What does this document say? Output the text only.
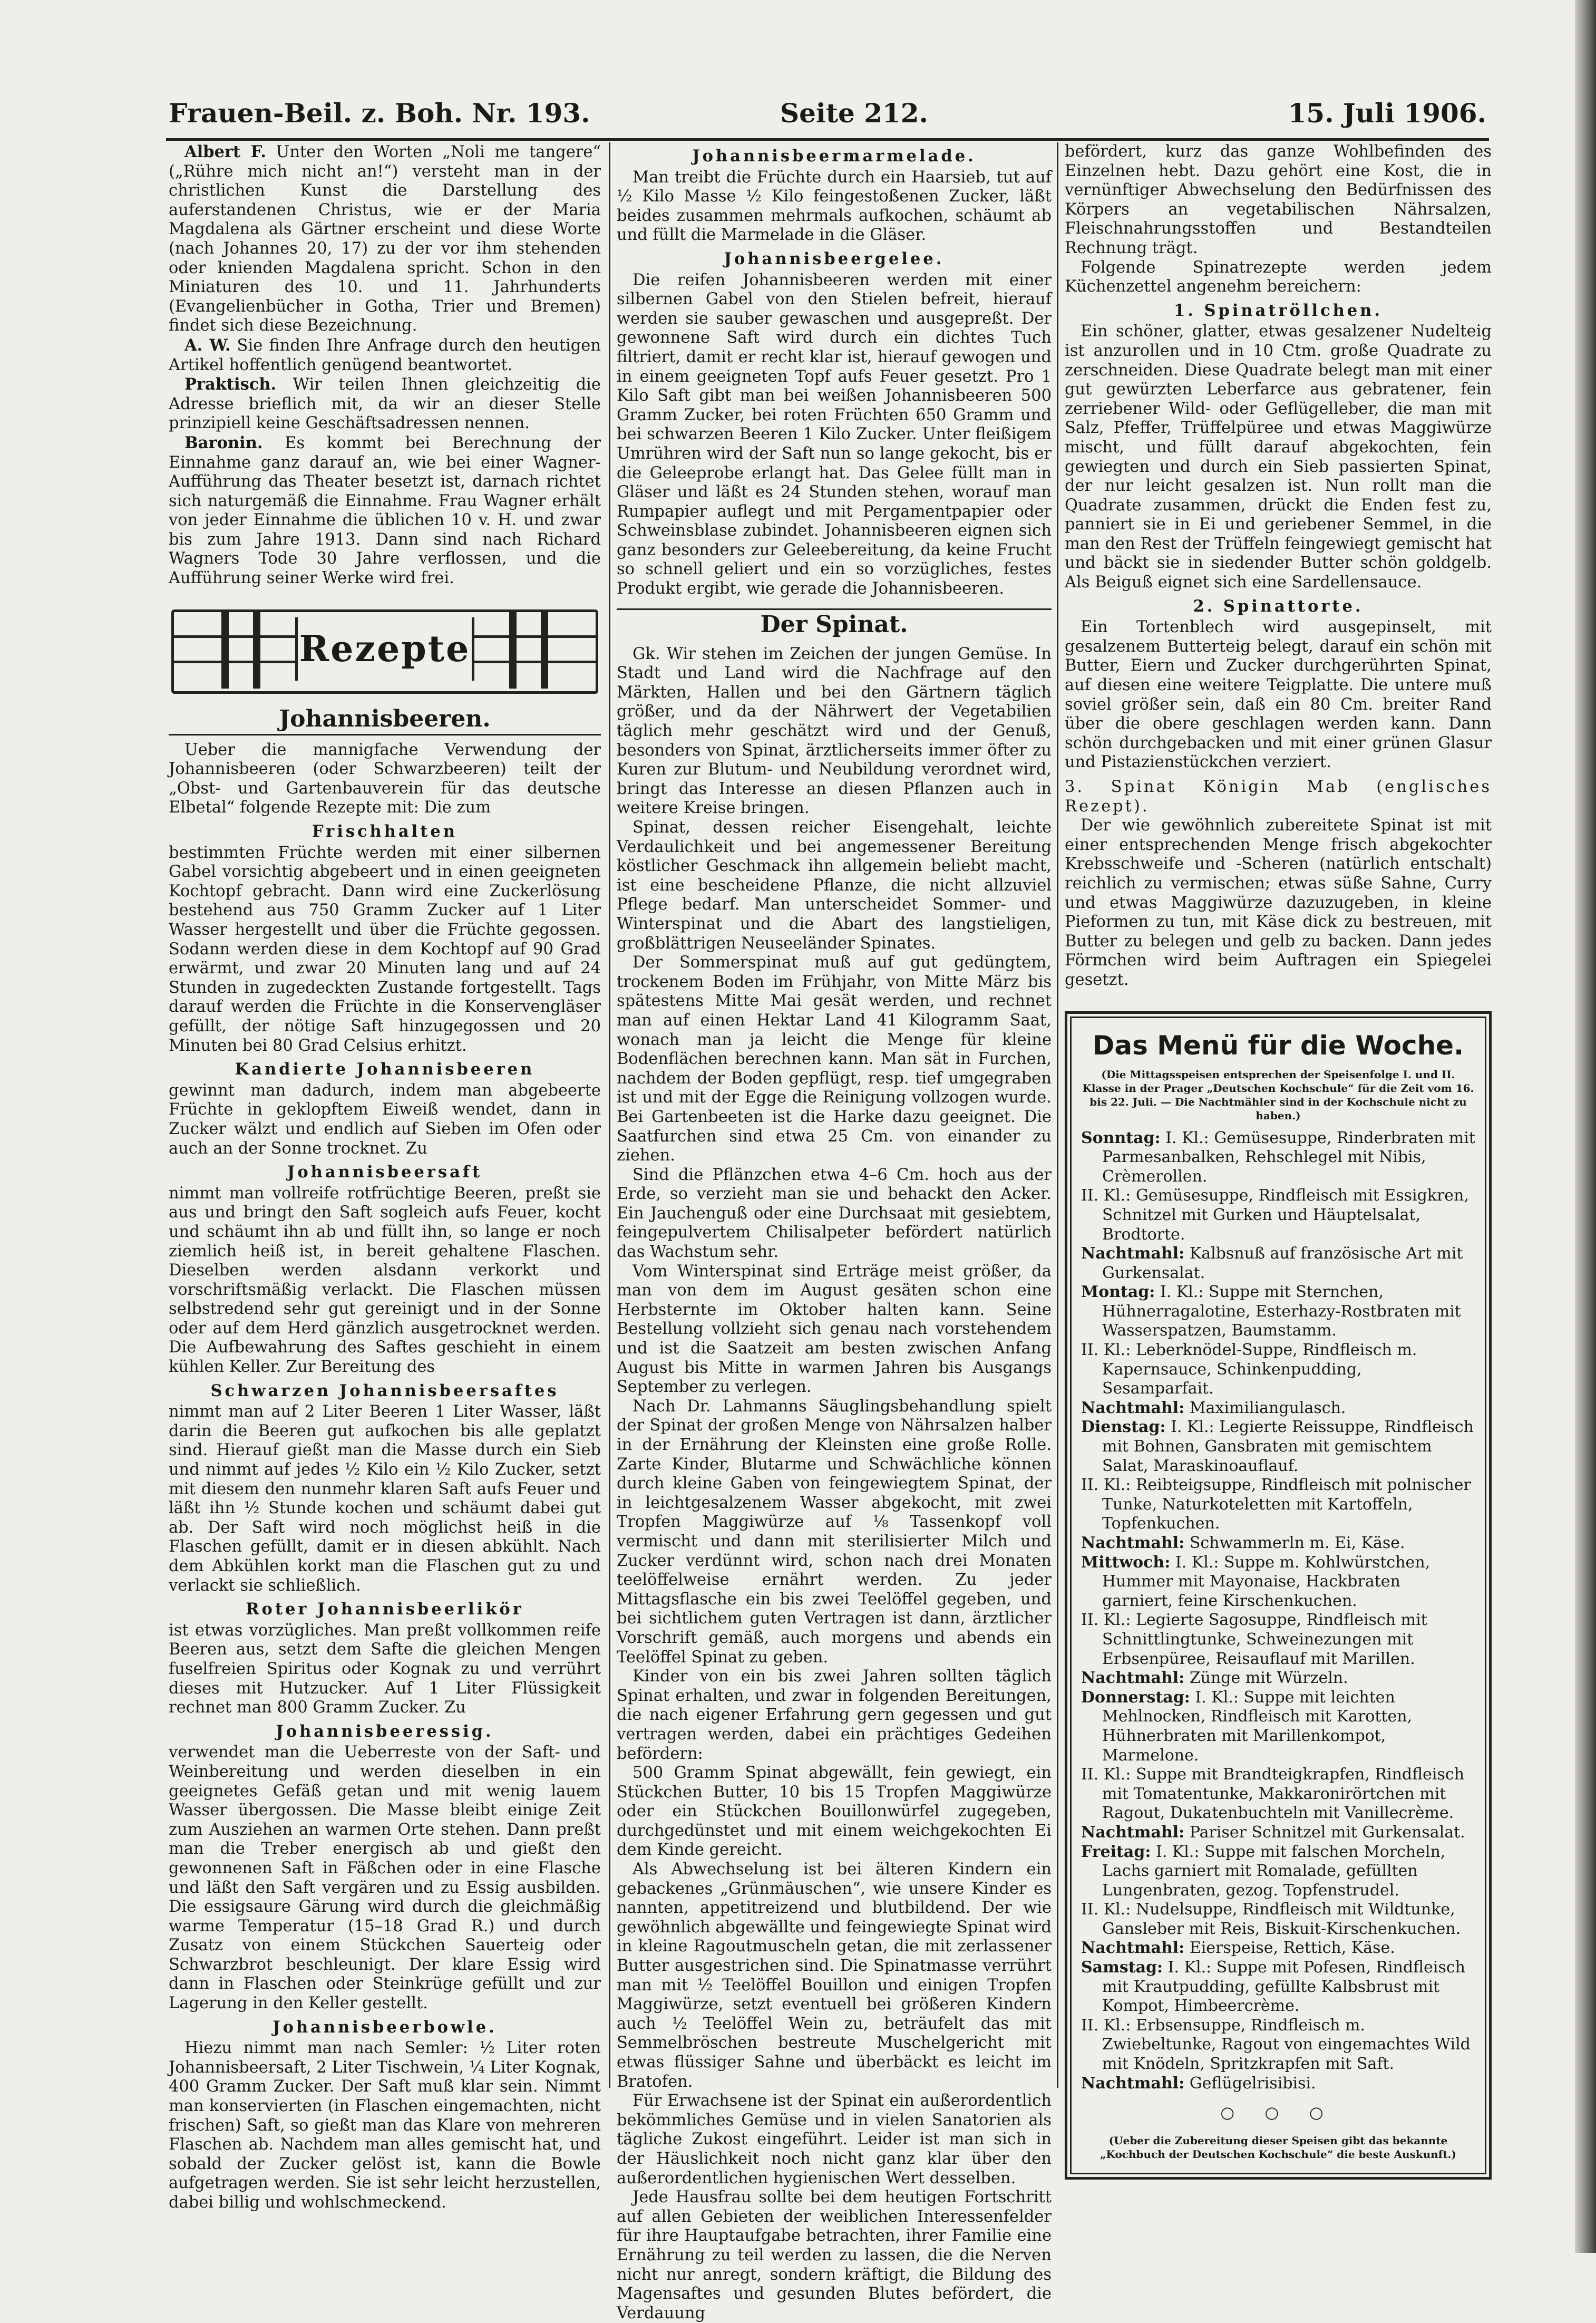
Frauen-Beil. z. Boh. Nr. 193.	Seite 212.	15. Juli 1906.

Albert F. Unter den Worten „Noli me tangere“ („Rühre mich nicht an!“) versteht man in der christlichen Kunst die Darstellung des auferstandenen Christus, wie er der Maria Magdalena als Gärtner erscheint und diese Worte (nach Johannes 20, 17) zu der vor ihm stehenden oder knienden Magdalena spricht. Schon in den Miniaturen des 10. und 11. Jahrhunderts (Evangelienbücher in Gotha, Trier und Bremen) findet sich diese Bezeichnung.

A. W. Sie finden Ihre Anfrage durch den heutigen Artikel hoffentlich genügend beantwortet.

Praktisch. Wir teilen Ihnen gleichzeitig die Adresse brieflich mit, da wir an dieser Stelle prinzipiell keine Geschäftsadressen nennen.

Baronin. Es kommt bei Berechnung der Einnahme ganz darauf an, wie bei einer Wagner-Aufführung das Theater besetzt ist, darnach richtet sich naturgemäß die Einnahme. Frau Wagner erhält von jeder Einnahme die üblichen 10 v. H. und zwar bis zum Jahre 1913. Dann sind nach Richard Wagners Tode 30 Jahre verflossen, und die Aufführung seiner Werke wird frei.

Rezepte
Johannisbeeren.

Ueber die mannigfache Verwendung der Johannisbeeren (oder Schwarzbeeren) teilt der „Obst- und Gartenbauverein für das deutsche Elbetal“ folgende Rezepte mit: Die zum

Frischhalten

bestimmten Früchte werden mit einer silbernen Gabel vorsichtig abgebeert und in einen geeigneten Kochtopf gebracht. Dann wird eine Zuckerlösung bestehend aus 750 Gramm Zucker auf 1 Liter Wasser hergestellt und über die Früchte gegossen. Sodann werden diese in dem Kochtopf auf 90 Grad erwärmt, und zwar 20 Minuten lang und auf 24 Stunden in zugedeckten Zustande fortgestellt. Tags darauf werden die Früchte in die Konservengläser gefüllt, der nötige Saft hinzugegossen und 20 Minuten bei 80 Grad Celsius erhitzt.

Kandierte Johannisbeeren

gewinnt man dadurch, indem man abgebeerte Früchte in geklopftem Eiweiß wendet, dann in Zucker wälzt und endlich auf Sieben im Ofen oder auch an der Sonne trocknet. Zu

Johannisbeersaft

nimmt man vollreife rotfrüchtige Beeren, preßt sie aus und bringt den Saft sogleich aufs Feuer, kocht und schäumt ihn ab und füllt ihn, so lange er noch ziemlich heiß ist, in bereit gehaltene Flaschen. Dieselben werden alsdann verkorkt und vorschriftsmäßig verlackt. Die Flaschen müssen selbstredend sehr gut gereinigt und in der Sonne oder auf dem Herd gänzlich ausgetrocknet werden. Die Aufbewahrung des Saftes geschieht in einem kühlen Keller. Zur Bereitung des

Schwarzen Johannisbeersaftes

nimmt man auf 2 Liter Beeren 1 Liter Wasser, läßt darin die Beeren gut aufkochen bis alle geplatzt sind. Hierauf gießt man die Masse durch ein Sieb und nimmt auf jedes ½ Kilo ein ½ Kilo Zucker, setzt mit diesem den nunmehr klaren Saft aufs Feuer und läßt ihn ½ Stunde kochen und schäumt dabei gut ab. Der Saft wird noch möglichst heiß in die Flaschen gefüllt, damit er in diesen abkühlt. Nach dem Abkühlen korkt man die Flaschen gut zu und verlackt sie schließlich.

Roter Johannisbeerlikör

ist etwas vorzügliches. Man preßt vollkommen reife Beeren aus, setzt dem Safte die gleichen Mengen fuselfreien Spiritus oder Kognak zu und verrührt dieses mit Hutzucker. Auf 1 Liter Flüssigkeit rechnet man 800 Gramm Zucker. Zu

Johannisbeeressig.

verwendet man die Ueberreste von der Saft- und Weinbereitung und werden dieselben in ein geeignetes Gefäß getan und mit wenig lauem Wasser übergossen. Die Masse bleibt einige Zeit zum Ausziehen an warmen Orte stehen. Dann preßt man die Treber energisch ab und gießt den gewonnenen Saft in Fäßchen oder in eine Flasche und läßt den Saft vergären und zu Essig ausbilden. Die essigsaure Gärung wird durch die gleichmäßig warme Temperatur (15–18 Grad R.) und durch Zusatz von einem Stückchen Sauerteig oder Schwarzbrot beschleunigt. Der klare Essig wird dann in Flaschen oder Steinkrüge gefüllt und zur Lagerung in den Keller gestellt.

Johannisbeerbowle.

Hiezu nimmt man nach Semler: ½ Liter roten Johannisbeersaft, 2 Liter Tischwein, ¼ Liter Kognak, 400 Gramm Zucker. Der Saft muß klar sein. Nimmt man konservierten (in Flaschen eingemachten, nicht frischen) Saft, so gießt man das Klare von mehreren Flaschen ab. Nachdem man alles gemischt hat, und sobald der Zucker gelöst ist, kann die Bowle aufgetragen werden. Sie ist sehr leicht herzustellen, dabei billig und wohlschmeckend.

Johannisbeermarmelade.

Man treibt die Früchte durch ein Haarsieb, tut auf ½ Kilo Masse ½ Kilo feingestoßenen Zucker, läßt beides zusammen mehrmals aufkochen, schäumt ab und füllt die Marmelade in die Gläser.

Johannisbeergelee.

Die reifen Johannisbeeren werden mit einer silbernen Gabel von den Stielen befreit, hierauf werden sie sauber gewaschen und ausgepreßt. Der gewonnene Saft wird durch ein dichtes Tuch filtriert, damit er recht klar ist, hierauf gewogen und in einem geeigneten Topf aufs Feuer gesetzt. Pro 1 Kilo Saft gibt man bei weißen Johannisbeeren 500 Gramm Zucker, bei roten Früchten 650 Gramm und bei schwarzen Beeren 1 Kilo Zucker. Unter fleißigem Umrühren wird der Saft nun so lange gekocht, bis er die Geleeprobe erlangt hat. Das Gelee füllt man in Gläser und läßt es 24 Stunden stehen, worauf man Rumpapier auflegt und mit Pergamentpapier oder Schweinsblase zubindet. Johannisbeeren eignen sich ganz besonders zur Geleebereitung, da keine Frucht so schnell geliert und ein so vorzügliches, festes Produkt ergibt, wie gerade die Johannisbeeren.

Der Spinat.

Gk. Wir stehen im Zeichen der jungen Gemüse. In Stadt und Land wird die Nachfrage auf den Märkten, Hallen und bei den Gärtnern täglich größer, und da der Nährwert der Vegetabilien täglich mehr geschätzt wird und der Genuß, besonders von Spinat, ärztlicherseits immer öfter zu Kuren zur Blutum- und Neubildung verordnet wird, bringt das Interesse an diesen Pflanzen auch in weitere Kreise bringen.

Spinat, dessen reicher Eisengehalt, leichte Verdaulichkeit und bei angemessener Bereitung köstlicher Geschmack ihn allgemein beliebt macht, ist eine bescheidene Pflanze, die nicht allzuviel Pflege bedarf. Man unterscheidet Sommer- und Winterspinat und die Abart des langstieligen, großblättrigen Neuseeländer Spinates.

Der Sommerspinat muß auf gut gedüngtem, trockenem Boden im Frühjahr, von Mitte März bis spätestens Mitte Mai gesät werden, und rechnet man auf einen Hektar Land 41 Kilogramm Saat, wonach man ja leicht die Menge für kleine Bodenflächen berechnen kann. Man sät in Furchen, nachdem der Boden gepflügt, resp. tief umgegraben ist und mit der Egge die Reinigung vollzogen wurde. Bei Gartenbeeten ist die Harke dazu geeignet. Die Saatfurchen sind etwa 25 Cm. von einander zu ziehen.

Sind die Pflänzchen etwa 4–6 Cm. hoch aus der Erde, so verzieht man sie und behackt den Acker. Ein Jauchenguß oder eine Durchsaat mit gesiebtem, feingepulvertem Chilisalpeter befördert natürlich das Wachstum sehr.

Vom Winterspinat sind Erträge meist größer, da man von dem im August gesäten schon eine Herbsternte im Oktober halten kann. Seine Bestellung vollzieht sich genau nach vorstehendem und ist die Saatzeit am besten zwischen Anfang August bis Mitte in warmen Jahren bis Ausgangs September zu verlegen.

Nach Dr. Lahmanns Säuglingsbehandlung spielt der Spinat der großen Menge von Nährsalzen halber in der Ernährung der Kleinsten eine große Rolle. Zarte Kinder, Blutarme und Schwächliche können durch kleine Gaben von feingewiegtem Spinat, der in leichtgesalzenem Wasser abgekocht, mit zwei Tropfen Maggiwürze auf ⅛ Tassenkopf voll vermischt und dann mit sterilisierter Milch und Zucker verdünnt wird, schon nach drei Monaten teelöffelweise ernährt werden. Zu jeder Mittagsflasche ein bis zwei Teelöffel gegeben, und bei sichtlichem guten Vertragen ist dann, ärztlicher Vorschrift gemäß, auch morgens und abends ein Teelöffel Spinat zu geben.

Kinder von ein bis zwei Jahren sollten täglich Spinat erhalten, und zwar in folgenden Bereitungen, die nach eigener Erfahrung gern gegessen und gut vertragen werden, dabei ein prächtiges Gedeihen befördern:

500 Gramm Spinat abgewällt, fein gewiegt, ein Stückchen Butter, 10 bis 15 Tropfen Maggiwürze oder ein Stückchen Bouillonwürfel zugegeben, durchgedünstet und mit einem weichgekochten Ei dem Kinde gereicht.

Als Abwechselung ist bei älteren Kindern ein gebackenes „Grünmäuschen“, wie unsere Kinder es nannten, appetitreizend und blutbildend. Der wie gewöhnlich abgewällte und feingewiegte Spinat wird in kleine Ragoutmuscheln getan, die mit zerlassener Butter ausgestrichen sind. Die Spinatmasse verrührt man mit ½ Teelöffel Bouillon und einigen Tropfen Maggiwürze, setzt eventuell bei größeren Kindern auch ½ Teelöffel Wein zu, beträufelt das mit Semmelbröschen bestreute Muschelgericht mit etwas flüssiger Sahne und überbäckt es leicht im Bratofen.

Für Erwachsene ist der Spinat ein außerordentlich bekömmliches Gemüse und in vielen Sanatorien als tägliche Zukost eingeführt. Leider ist man sich in der Häuslichkeit noch nicht ganz klar über den außerordentlichen hygienischen Wert desselben.

Jede Hausfrau sollte bei dem heutigen Fortschritt auf allen Gebieten der weiblichen Interessenfelder für ihre Hauptaufgabe betrachten, ihrer Familie eine Ernährung zu teil werden zu lassen, die die Nerven nicht nur anregt, sondern kräftigt, die Bildung des Magensaftes und gesunden Blutes befördert, die Verdauung

befördert, kurz das ganze Wohlbefinden des Einzelnen hebt. Dazu gehört eine Kost, die in vernünftiger Abwechselung den Bedürfnissen des Körpers an vegetabilischen Nährsalzen, Fleischnahrungsstoffen und Bestandteilen Rechnung trägt.

Folgende Spinatrezepte werden jedem Küchenzettel angenehm bereichern:

1. Spinatröllchen.

Ein schöner, glatter, etwas gesalzener Nudelteig ist anzurollen und in 10 Ctm. große Quadrate zu zerschneiden. Diese Quadrate belegt man mit einer gut gewürzten Leberfarce aus gebratener, fein zerriebener Wild- oder Geflügelleber, die man mit Salz, Pfeffer, Trüffelpüree und etwas Maggiwürze mischt, und füllt darauf abgekochten, fein gewiegten und durch ein Sieb passierten Spinat, der nur leicht gesalzen ist. Nun rollt man die Quadrate zusammen, drückt die Enden fest zu, panniert sie in Ei und geriebener Semmel, in die man den Rest der Trüffeln feingewiegt gemischt hat und bäckt sie in siedender Butter schön goldgelb. Als Beiguß eignet sich eine Sardellensauce.

2. Spinattorte.

Ein Tortenblech wird ausgepinselt, mit gesalzenem Butterteig belegt, darauf ein schön mit Butter, Eiern und Zucker durchgerührten Spinat, auf diesen eine weitere Teigplatte. Die untere muß soviel größer sein, daß ein 80 Cm. breiter Rand über die obere geschlagen werden kann. Dann schön durchgebacken und mit einer grünen Glasur und Pistazienstückchen verziert.

3. Spinat Königin Mab (englisches Rezept).

Der wie gewöhnlich zubereitete Spinat ist mit einer entsprechenden Menge frisch abgekochter Krebsschweife und -Scheren (natürlich entschalt) reichlich zu vermischen; etwas süße Sahne, Curry und etwas Maggiwürze dazuzugeben, in kleine Pieformen zu tun, mit Käse dick zu bestreuen, mit Butter zu belegen und gelb zu backen. Dann jedes Förmchen wird beim Auftragen ein Spiegelei gesetzt.

Das Menü für die Woche.
(Die Mittagsspeisen entsprechen der Speisenfolge I. und II. Klasse in der Prager „Deutschen Kochschule“ für die Zeit vom 16. bis 22. Juli. — Die Nachtmähler sind in der Kochschule nicht zu haben.)
Sonntag: I. Kl.: Gemüsesuppe, Rinderbraten mit Parmesanbalken, Rehschlegel mit Nibis, Crèmerollen.
II. Kl.: Gemüsesuppe, Rindfleisch mit Essigkren, Schnitzel mit Gurken und Häuptelsalat, Brodtorte.
Nachtmahl: Kalbsnuß auf französische Art mit Gurkensalat.
Montag: I. Kl.: Suppe mit Sternchen, Hühnerragalotine, Esterhazy-Rostbraten mit Wasserspatzen, Baumstamm.
II. Kl.: Leberknödel-Suppe, Rindfleisch m. Kapernsauce, Schinkenpudding, Sesamparfait.
Nachtmahl: Maximiliangulasch.
Dienstag: I. Kl.: Legierte Reissuppe, Rindfleisch mit Bohnen, Gansbraten mit gemischtem Salat, Maraskinoauflauf.
II. Kl.: Reibteigsuppe, Rindfleisch mit polnischer Tunke, Naturkoteletten mit Kartoffeln, Topfenkuchen.
Nachtmahl: Schwammerln m. Ei, Käse.
Mittwoch: I. Kl.: Suppe m. Kohlwürstchen, Hummer mit Mayonaise, Hackbraten garniert, feine Kirschenkuchen.
II. Kl.: Legierte Sagosuppe, Rindfleisch mit Schnittlingtunke, Schweinezungen mit Erbsenpüree, Reisauflauf mit Marillen.
Nachtmahl: Zünge mit Würzeln.
Donnerstag: I. Kl.: Suppe mit leichten Mehlnocken, Rindfleisch mit Karotten, Hühnerbraten mit Marillenkompot, Marmelone.
II. Kl.: Suppe mit Brandteigkrapfen, Rindfleisch mit Tomatentunke, Makkaronirörtchen mit Ragout, Dukatenbuchteln mit Vanillecrème.
Nachtmahl: Pariser Schnitzel mit Gurkensalat.
Freitag: I. Kl.: Suppe mit falschen Morcheln, Lachs garniert mit Romalade, gefüllten Lungenbraten, gezog. Topfenstrudel.
II. Kl.: Nudelsuppe, Rindfleisch mit Wildtunke, Gansleber mit Reis, Biskuit-Kirschenkuchen.
Nachtmahl: Eierspeise, Rettich, Käse.
Samstag: I. Kl.: Suppe mit Pofesen, Rindfleisch mit Krautpudding, gefüllte Kalbsbrust mit Kompot, Himbeercrème.
II. Kl.: Erbsensuppe, Rindfleisch m. Zwiebeltunke, Ragout von eingemachtes Wild mit Knödeln, Spritzkrapfen mit Saft.
Nachtmahl: Geflügelrisibisi.
○ ○ ○
(Ueber die Zubereitung dieser Speisen gibt das bekannte „Kochbuch der Deutschen Kochschule“ die beste Auskunft.)
